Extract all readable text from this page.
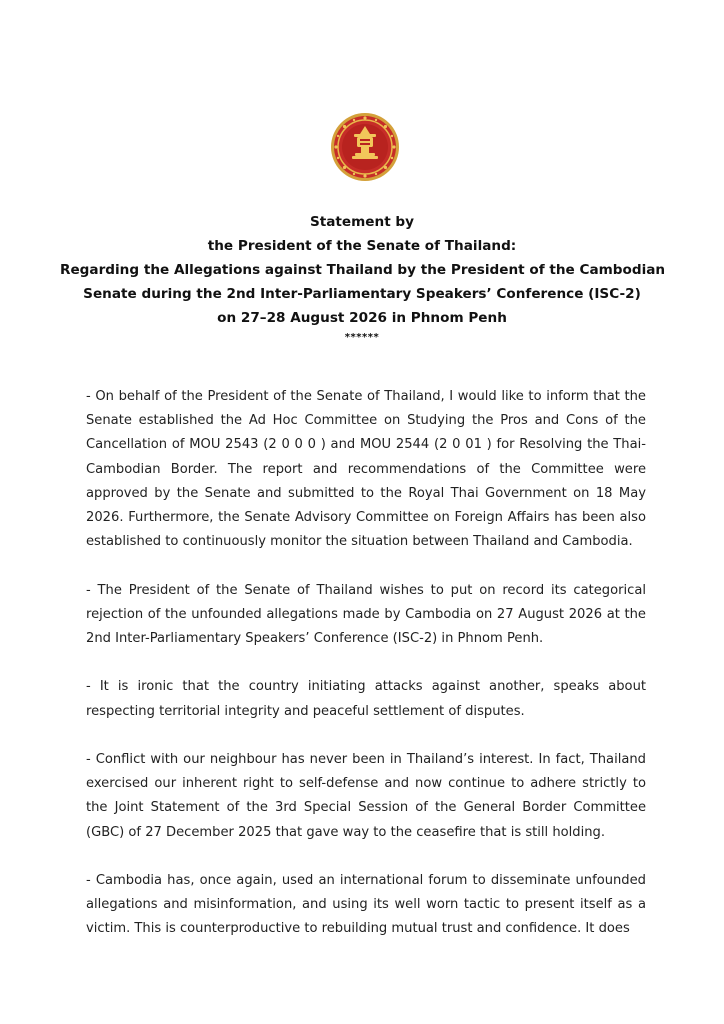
Statement by
the President of the Senate of Thailand:
Regarding the Allegations against Thailand by the President of the Cambodian
Senate during the 2nd Inter-Parliamentary Speakers’ Conference (ISC-2)
on 27–28 August 2026 in Phnom Penh
******

- On behalf of the President of the Senate of Thailand, I would like to inform that the Senate established the Ad Hoc Committee on Studying the Pros and Cons of the Cancellation of MOU 2543 (2 0 0 0 ) and MOU 2544 (2 0 01 ) for Resolving the Thai-Cambodian Border. The report and recommendations of the Committee were approved by the Senate and submitted to the Royal Thai Government on 18 May 2026. Furthermore, the Senate Advisory Committee on Foreign Affairs has been also established to continuously monitor the situation between Thailand and Cambodia.

- The President of the Senate of Thailand wishes to put on record its categorical rejection of the unfounded allegations made by Cambodia on 27 August 2026 at the 2nd Inter-Parliamentary Speakers’ Conference (ISC-2) in Phnom Penh.

- It is ironic that the country initiating attacks against another, speaks about respecting territorial integrity and peaceful settlement of disputes.

- Conflict with our neighbour has never been in Thailand’s interest. In fact, Thailand exercised our inherent right to self-defense and now continue to adhere strictly to the Joint Statement of the 3rd Special Session of the General Border Committee (GBC) of 27 December 2025 that gave way to the ceasefire that is still holding.

- Cambodia has, once again, used an international forum to disseminate unfounded allegations and misinformation, and using its well worn tactic to present itself as a victim. This is counterproductive to rebuilding mutual trust and confidence. It does
